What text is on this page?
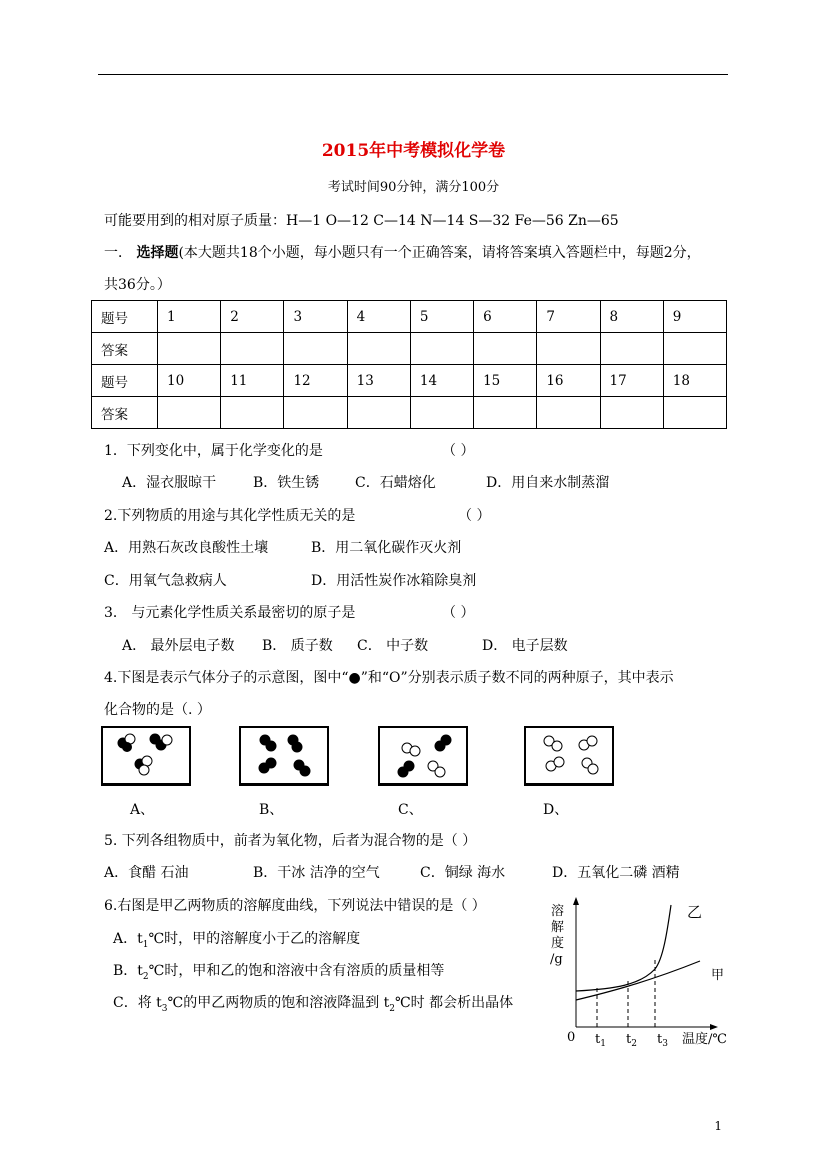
2015年中考模拟化学卷
考试时间90分钟，满分100分
可能要用到的相对原子质量：H—1 O—12 C—14 N—14 S—32 Fe—56 Zn—65
一． 选择题(本大题共18个小题，每小题只有一个正确答案，请将答案填入答题栏中，每题2分，
共36分。）
题号	1	2	3	4	5	6	7	8	9
答案									
题号	10	11	12	13	14	15	16	17	18
答案									
1．下列变化中，属于化学变化的是	（ ）
A．湿衣服晾干	B．铁生锈	C．石蜡熔化	D．用自来水制蒸溜
2.下列物质的用途与其化学性质无关的是	（ ）
A．用熟石灰改良酸性土壤	B．用二氧化碳作灭火剂
C．用氧气急救病人	D．用活性炭作冰箱除臭剂
3． 与元素化学性质关系最密切的原子是	（ ）
A． 最外层电子数 B． 质子数 C． 中子数	D． 电子层数
4.下图是表示气体分子的示意图，图中“●”和“O”分别表示质子数不同的两种原子，其中表示
化合物的是（. ）
A、	B、	C、	D、
5. 下列各组物质中，前者为氧化物，后者为混合物的是（ ）
A．食醋 石油	B．干冰 洁净的空气	C．铜绿 海水	D．五氧化二磷 酒精
6.右图是甲乙两物质的溶解度曲线，下列说法中错误的是（ ）
A．$t_1℃$时，甲的溶解度小于乙的溶解度
B．$t_2℃$时，甲和乙的饱和溶液中含有溶质的质量相等
C．将 $t_3℃$的甲乙两物质的饱和溶液降温到 $t_2℃$时 都会析出晶体
溶
解
度
/g
0	温度/℃
乙
甲
$t_1$ $t_2$ $t_3$
1
